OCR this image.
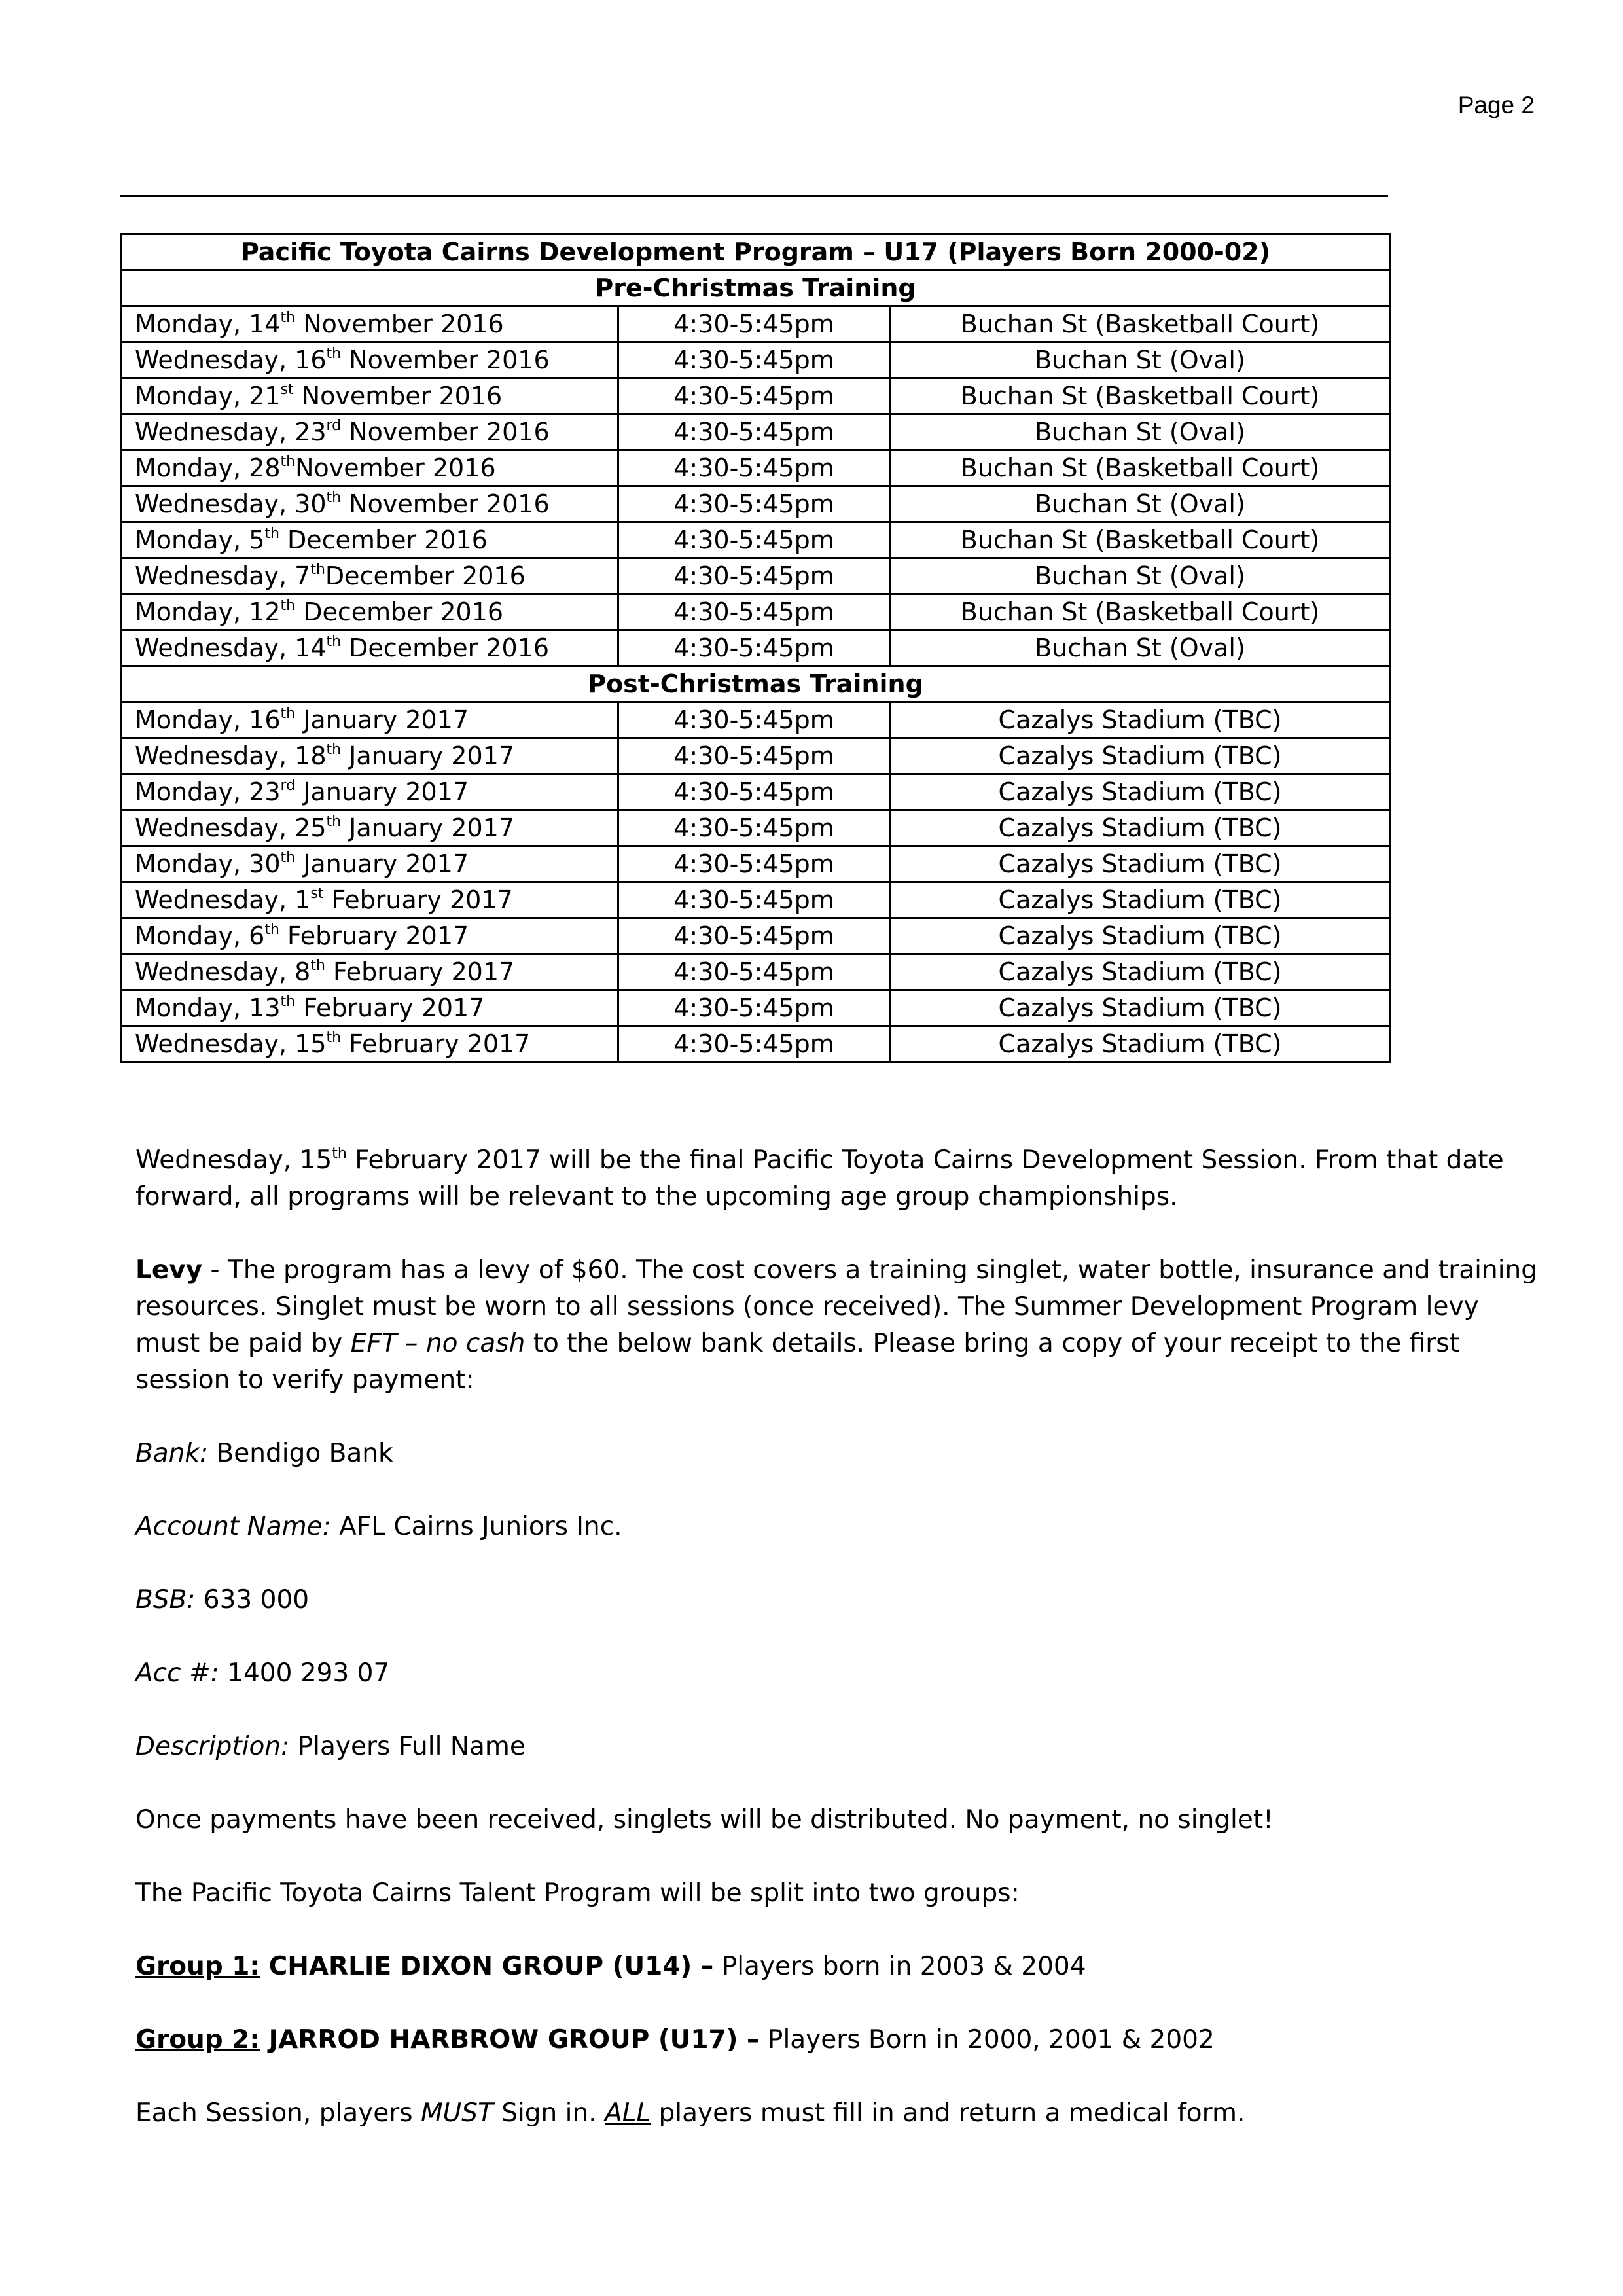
Page 2
Pacific Toyota Cairns Development Program – U17 (Players Born 2000-02)		
Pre-Christmas Training		
Monday, 14th November 2016	4:30-5:45pm	Buchan St (Basketball Court)
Wednesday, 16th November 2016	4:30-5:45pm	Buchan St (Oval)
Monday, 21st November 2016	4:30-5:45pm	Buchan St (Basketball Court)
Wednesday, 23rd November 2016	4:30-5:45pm	Buchan St (Oval)
Monday, 28thNovember 2016	4:30-5:45pm	Buchan St (Basketball Court)
Wednesday, 30th November 2016	4:30-5:45pm	Buchan St (Oval)
Monday, 5th December 2016	4:30-5:45pm	Buchan St (Basketball Court)
Wednesday, 7thDecember 2016	4:30-5:45pm	Buchan St (Oval)
Monday, 12th December 2016	4:30-5:45pm	Buchan St (Basketball Court)
Wednesday, 14th December 2016	4:30-5:45pm	Buchan St (Oval)
Post-Christmas Training		
Monday, 16th January 2017	4:30-5:45pm	Cazalys Stadium (TBC)
Wednesday, 18th January 2017	4:30-5:45pm	Cazalys Stadium (TBC)
Monday, 23rd January 2017	4:30-5:45pm	Cazalys Stadium (TBC)
Wednesday, 25th January 2017	4:30-5:45pm	Cazalys Stadium (TBC)
Monday, 30th January 2017	4:30-5:45pm	Cazalys Stadium (TBC)
Wednesday, 1st February 2017	4:30-5:45pm	Cazalys Stadium (TBC)
Monday, 6th February 2017	4:30-5:45pm	Cazalys Stadium (TBC)
Wednesday, 8th February 2017	4:30-5:45pm	Cazalys Stadium (TBC)
Monday, 13th February 2017	4:30-5:45pm	Cazalys Stadium (TBC)
Wednesday, 15th February 2017	4:30-5:45pm	Cazalys Stadium (TBC)

Wednesday, 15th February 2017 will be the final Pacific Toyota Cairns Development Session. From that date forward, all programs will be relevant to the upcoming age group championships.

Levy - The program has a levy of $60. The cost covers a training singlet, water bottle, insurance and training resources. Singlet must be worn to all sessions (once received). The Summer Development Program levy must be paid by EFT – no cash to the below bank details. Please bring a copy of your receipt to the first session to verify payment:

Bank: Bendigo Bank

Account Name: AFL Cairns Juniors Inc.

BSB: 633 000

Acc #: 1400 293 07

Description: Players Full Name

Once payments have been received, singlets will be distributed. No payment, no singlet!

The Pacific Toyota Cairns Talent Program will be split into two groups:

Group 1: CHARLIE DIXON GROUP (U14) – Players born in 2003 & 2004

Group 2: JARROD HARBROW GROUP (U17) – Players Born in 2000, 2001 & 2002

Each Session, players MUST Sign in. ALL players must fill in and return a medical form.
